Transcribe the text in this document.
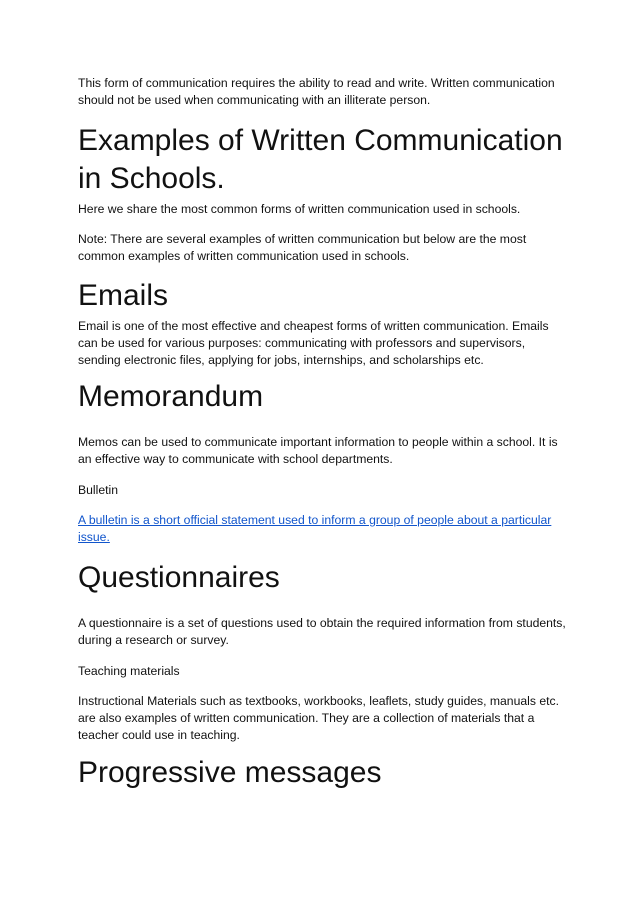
This form of communication requires the ability to read and write. Written communication should not be used when communicating with an illiterate person.

Examples of Written Communication in Schools.

Here we share the most common forms of written communication used in schools.

Note: There are several examples of written communication but below are the most common examples of written communication used in schools.

Emails

Email is one of the most effective and cheapest forms of written communication. Emails can be used for various purposes: communicating with professors and supervisors, sending electronic files, applying for jobs, internships, and scholarships etc.

Memorandum

Memos can be used to communicate important information to people within a school. It is an effective way to communicate with school departments.

Bulletin

A bulletin is a short official statement used to inform a group of people about a particular issue.

Questionnaires

A questionnaire is a set of questions used to obtain the required information from students, during a research or survey.

Teaching materials

Instructional Materials such as textbooks, workbooks, leaflets, study guides, manuals etc. are also examples of written communication. They are a collection of materials that a teacher could use in teaching.

Progressive messages
